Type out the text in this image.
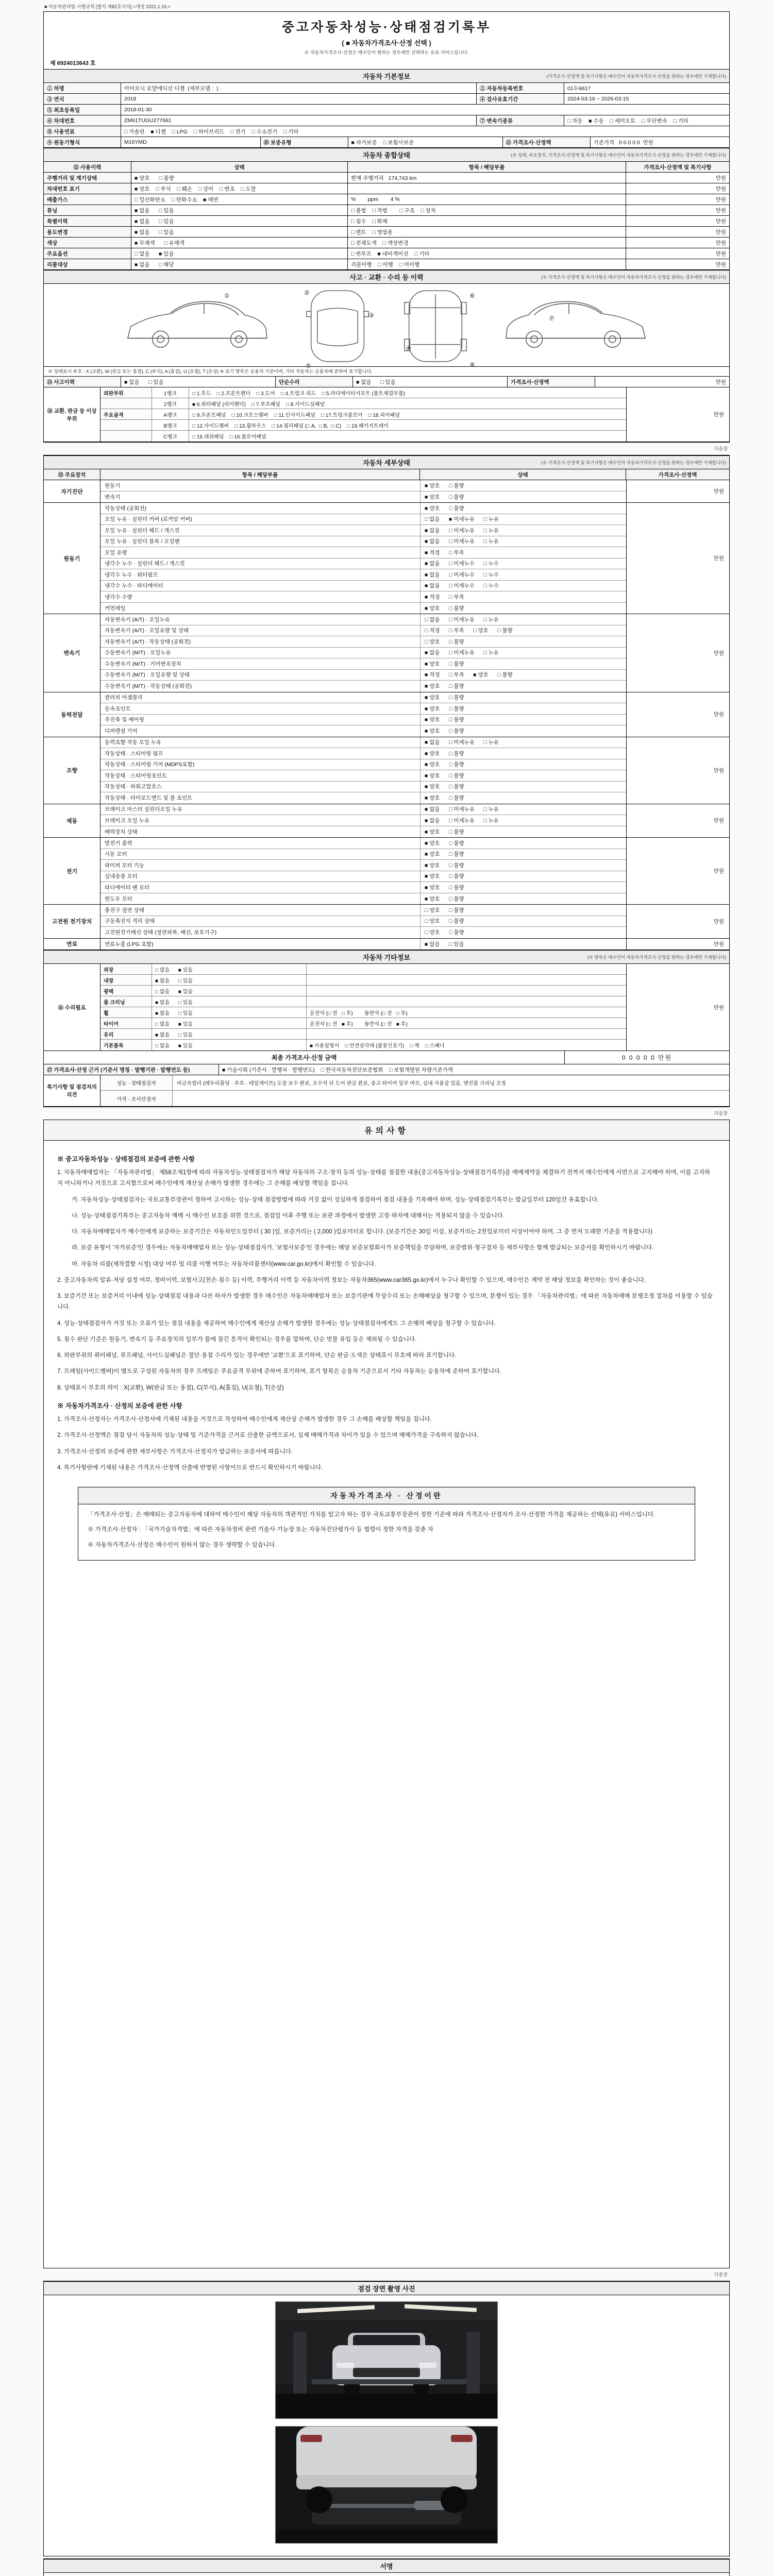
■ 자동차관리법 시행규칙 [별지 제82호서식] <개정 2021.1.19.>
중고자동차성능·상태점검기록부
( ■ 자동차가격조사·산정 선택 )
※ 자동차가격조사·산정은 매수인이 원하는 경우에만 선택하는 유료 서비스입니다.
제 6924013643 호
자동차 기본정보	(가격조사·산정액 및 특기사항은 매수인이 자동차가격조사·산정을 원하는 경우에만 기재합니다)
① 차명	아이오닉 로얄에디션 디젤  (세부모델 :  )	② 자동차등록번호	01두6617
③ 연식	2018	④ 검사유효기간	2024-03-16 ~ 2026-03-15
⑤ 최초등록일	2018-01-30
⑥ 차대번호	ZM61TUGU277661	⑦ 변속기종류	□ 자동    ■ 수동    □ 세미오토    □ 무단변속    □ 기타
⑧ 사용연료	□ 가솔린    ■ 디젤    □ LPG    □ 하이브리드    □ 전기    □ 수소전기    □ 기타
⑨ 원동기형식	M16YMD	⑩ 보증유형	■ 자가보증    □ 보험사보증	⑪ 가격조사·산정액	기준가격   0 0 0 0 0  만원
자동차 종합상태	(※ 상태, 주요장치, 가격조사·산정액 및 특기사항은 매수인이 자동차가격조사·산정을 원하는 경우에만 기재합니다)
⑫ 사용이력	상태	항목 / 해당부품	가격조사·산정액 및 특기사항
주행거리 및 계기상태	■ 양호      □ 불량	현재 주행거리   174,743 km	만원
차대번호 표기	■ 양호    □ 부식    □ 훼손    □ 상이    □ 변조    □ 도말	만원
배출가스	□ 일산화탄소    □ 탄화수소    ■ 매연	%        ppm        4 %	만원
튜닝	■ 없음      □ 있음	□ 불법    □ 적법        □ 구조    □ 장치	만원
특별이력	■ 없음      □ 있음	□ 침수    □ 화재	만원
용도변경	■ 없음      □ 있음	□ 렌트    □ 영업용	만원
색상	■ 무채색      □ 유채색	□ 전체도색    □ 색상변경	만원
주요옵션	□ 없음      ■ 있음	□ 썬루프    ■ 네비게이션    □ 기타	만원
리콜대상	■ 없음      □ 해당	리콜이행 :  □ 이행    □ 미이행	만원
사고 · 교환 · 수리 등 이력	(※ 가격조사·산정액 및 특기사항은 매수인이 자동차가격조사·산정을 원하는 경우에만 기재합니다)
①	②
③
④
⑤
⑥
⑦
⑧
※ 상태표시 부호 : X (교환), W (판금 또는 용접), C (부식), A (흠집), U (요철), T (손상) ※ 표기 항목은 승용차 기준이며, 기타 자동차는 승용차에 준하여 표기합니다.
⑬ 사고이력	■ 없음      □ 있음	단순수리	■ 없음      □ 있음	가격조사·산정액	만원
⑭ 교환, 판금 등 이상 부위
외판부위	1랭크	□ 1.후드    □ 2.프론트펜더    □ 3.도어    □ 4.트렁크 리드    □ 5.라디에이터서포트 (볼트체결부품)
2랭크	■ 6.쿼터패널 (리어펜더)    □ 7.루프패널    □ 8.사이드실패널
주요골격	A랭크	□ 9.프론트패널    □ 10.크로스멤버    □ 11.인사이드패널    □ 17.트렁크플로어    □ 18.리어패널
B랭크	□ 12.사이드멤버    □ 13.휠하우스    □ 14.필러패널 (□ A,  □ B,  □ C)    □ 19.패키지트레이
C랭크	□ 15.대쉬패널    □ 16.플로어패널
만원
다음장
자동차 세부상태	(※ 가격조사·산정액 및 특기사항은 매수인이 자동차가격조사·산정을 원하는 경우에만 기재합니다)
⑮ 주요장치	항목 / 해당부품	상태	가격조사·산정액
자기진단
원동기	■ 양호      □ 불량
변속기	■ 양호      □ 불량
만원
원동기
작동상태 (공회전)	■ 양호      □ 불량
오일 누유 · 실린더 커버 (로커암 커버)	□ 없음      ■ 미세누유      □ 누유
오일 누유 · 실린더 헤드 / 개스킷	■ 없음      □ 미세누유      □ 누유
오일 누유 · 실린더 블록 / 오일팬	■ 없음      □ 미세누유      □ 누유
오일 유량	■ 적정      □ 부족
냉각수 누수 · 실린더 헤드 / 개스킷	■ 없음      □ 미세누수      □ 누수
냉각수 누수 · 워터펌프	■ 없음      □ 미세누수      □ 누수
냉각수 누수 · 라디에이터	■ 없음      □ 미세누수      □ 누수
냉각수 수량	■ 적정      □ 부족
커먼레일	■ 양호      □ 불량
만원
변속기
자동변속기 (A/T) · 오일누유	□ 없음      □ 미세누유      □ 누유
자동변속기 (A/T) · 오일유량 및 상태	□ 적정      □ 부족      □ 양호      □ 불량
자동변속기 (A/T) · 작동상태 (공회전)	□ 양호      □ 불량
수동변속기 (M/T) · 오일누유	■ 없음      □ 미세누유      □ 누유
수동변속기 (M/T) · 기어변속장치	■ 양호      □ 불량
수동변속기 (M/T) · 오일유량 및 상태	■ 적정      □ 부족      ■ 양호      □ 불량
수동변속기 (M/T) · 작동상태 (공회전)	■ 양호      □ 불량
만원
동력전달
클러치 어셈블리	■ 양호      □ 불량
등속조인트	■ 양호      □ 불량
추진축 및 베어링	■ 양호      □ 불량
디퍼렌셜 기어	■ 양호      □ 불량
만원
조향
동력조향 작동 오일 누유	■ 없음      □ 미세누유      □ 누유
작동상태 · 스티어링 펌프	■ 양호      □ 불량
작동상태 · 스티어링 기어 (MDPS포함)	■ 양호      □ 불량
작동상태 · 스티어링조인트	■ 양호      □ 불량
작동상태 · 파워고압호스	■ 양호      □ 불량
작동상태 · 타이로드엔드 및 볼 조인트	■ 양호      □ 불량
만원
제동
브레이크 마스터 실린더오일 누유	■ 없음      □ 미세누유      □ 누유
브레이크 오일 누유	■ 없음      □ 미세누유      □ 누유
배력장치 상태	■ 양호      □ 불량
만원
전기
발전기 출력	■ 양호      □ 불량
시동 모터	■ 양호      □ 불량
와이퍼 모터 기능	■ 양호      □ 불량
실내송풍 모터	■ 양호      □ 불량
라디에이터 팬 모터	■ 양호      □ 불량
윈도우 모터	■ 양호      □ 불량
만원
고전원 전기장치
충전구 절연 상태	□ 양호      □ 불량
구동축전지 격리 상태	□ 양호      □ 불량
고전원전기배선 상태 (절연피복, 배선, 보호기구)	□ 양호      □ 불량
만원
연료	연료누출 (LPG 포함)	■ 없음      □ 있음	만원
자동차 기타정보	(※ 항목은 매수인이 자동차가격조사·산정을 원하는 경우에만 기재합니다)
⑯ 수리필요
외장	□ 없음      ■ 있음
내장	■ 없음      □ 있음
광택	□ 없음      ■ 있음
룸 크리닝	■ 없음      □ 있음
휠	■ 없음      □ 있음	운전석 (□ 전   □ 후)        동반석 (□ 전   □ 후)
타이어	□ 없음      ■ 있음	운전석 (□ 전   ■ 후)        동반석 (□ 전   ■ 후)
유리	■ 없음      □ 있음
기본품목	□ 없음      ■ 있음	■ 사용설명서    □ 안전삼각대 (불꽃신호기)    □ 잭    □ 스패너
만원
최종 가격조사·산정 금액	0 0 0 0 0 만원
⑰ 가격조사·산정 근거 (기준서 명칭 · 발행기관 · 발행연도 등)	■ 기술사회 (기준서 · 발행처 · 발행연도)    □ 한국자동차진단보증협회    □ 보험개발원 차량기준가액
특기사항 및 점검자의 의견
성능 · 상태점검자	비금속컬러 (테두리몰딩 · 루프 · 테일게이트) 도장 보수 완료, 조수석 뒤 도어 판금 완료, 중고 타이어 일부 마모, 실내 사용감 있음, 엔진룸 크리닝 조정
가격 · 조사산정자
다음장
유의사항
※ 중고자동차성능 · 상태점검의 보증에 관한 사항
1. 자동차매매업자는 「자동차관리법」 제58조제1항에 따라 자동차성능·상태점검자가 해당 자동차의 구조·장치 등의 성능·상태를 점검한 내용(중고자동차성능·상태점검기록부)을 매매계약을 체결하기 전까지 매수인에게 서면으로 고지해야 하며, 이를 고지하지 아니하거나 거짓으로 고지함으로써 매수인에게 재산상 손해가 발생한 경우에는 그 손해를 배상할 책임을 집니다.
가. 자동차성능·상태점검자는 국토교통부장관이 정하여 고시하는 성능·상태 점검방법에 따라 거짓 없이 성실하게 점검하여 점검 내용을 기록해야 하며, 성능·상태점검기록부는 발급일부터 120일간 유효합니다.
나. 성능·상태점검기록부는 중고자동차 매매 시 매수인 보호를 위한 것으로, 점검일 이후 주행 또는 보관 과정에서 발생한 고장·하자에 대해서는 적용되지 않을 수 있습니다.
다. 자동차매매업자가 매수인에게 보증하는 보증기간은 자동차인도일부터 ( 30 )일, 보증거리는 ( 2,000 )킬로미터로 합니다. (보증기간은 30일 이상, 보증거리는 2천킬로미터 이상이어야 하며, 그 중 먼저 도래한 기준을 적용합니다)
라. 보증 유형이 '자가보증'인 경우에는 자동차매매업자 또는 성능·상태점검자가, '보험사보증'인 경우에는 해당 보증보험회사가 보증책임을 부담하며, 보증범위·청구절차 등 세부사항은 함께 발급되는 보증서를 확인하시기 바랍니다.
마. 자동차 리콜(제작결함 시정) 대상 여부 및 리콜 이행 여부는 자동차리콜센터(www.car.go.kr)에서 확인할 수 있습니다.
2. 중고자동차의 압류·저당 설정 여부, 정비이력, 보험사고(전손·침수 등) 이력, 주행거리 이력 등 자동차이력 정보는 자동차365(www.car365.go.kr)에서 누구나 확인할 수 있으며, 매수인은 계약 전 해당 정보를 확인하는 것이 좋습니다.
3. 보증기간 또는 보증거리 이내에 성능·상태점검 내용과 다른 하자가 발생한 경우 매수인은 자동차매매업자 또는 보증기관에 무상수리 또는 손해배상을 청구할 수 있으며, 분쟁이 있는 경우 「자동차관리법」에 따른 자동차매매 분쟁조정 절차를 이용할 수 있습니다.
4. 성능·상태점검자가 거짓 또는 오류가 있는 점검 내용을 제공하여 매수인에게 재산상 손해가 발생한 경우에는 성능·상태점검자에게도 그 손해의 배상을 청구할 수 있습니다.
5. 침수 판단 기준은 원동기, 변속기 등 주요장치의 일부가 물에 잠긴 흔적이 확인되는 경우를 말하며, 단순 빗물 유입 등은 제외될 수 있습니다.
6. 외판부위의 쿼터패널, 루프패널, 사이드실패널은 절단·용접 수리가 있는 경우에만 '교환'으로 표기하며, 단순 판금·도색은 상태표시 부호에 따라 표기합니다.
7. 프레임(사이드멤버)이 별도로 구성된 자동차의 경우 프레임은 주요골격 부위에 준하여 표기하며, 표기 항목은 승용차 기준으로서 기타 자동차는 승용차에 준하여 표기합니다.
8. 상태표시 부호의 의미 : X(교환), W(판금 또는 용접), C(부식), A(흠집), U(요철), T(손상)
※ 자동차가격조사 · 산정의 보증에 관한 사항
1. 가격조사·산정자는 가격조사·산정서에 기재된 내용을 거짓으로 작성하여 매수인에게 재산상 손해가 발생한 경우 그 손해를 배상할 책임을 집니다.
2. 가격조사·산정액은 점검 당시 자동차의 성능·상태 및 기준가격을 근거로 산출한 금액으로서, 실제 매매가격과 차이가 있을 수 있으며 매매가격을 구속하지 않습니다.
3. 가격조사·산정의 보증에 관한 세부사항은 가격조사·산정자가 발급하는 보증서에 따릅니다.
4. 특기사항란에 기재된 내용은 가격조사·산정액 산출에 반영된 사항이므로 반드시 확인하시기 바랍니다.
자동차가격조사 · 산정이란
「가격조사·산정」은 매매되는 중고자동차에 대하여 매수인이 해당 자동차의 객관적인 가치를 알고자 하는 경우 국토교통부장관이 정한 기준에 따라 가격조사·산정자가 조사·산정한 가격을 제공하는 선택(유료) 서비스입니다.
※ 가격조사·산정자 : 「국가기술자격법」에 따른 자동차정비 관련 기술사·기능장 또는 자동차진단평가사 등 법령이 정한 자격을 갖춘 자
※ 자동차가격조사·산정은 매수인이 원하지 않는 경우 생략할 수 있습니다.
다음장
점검 장면 촬영 사진
서명
